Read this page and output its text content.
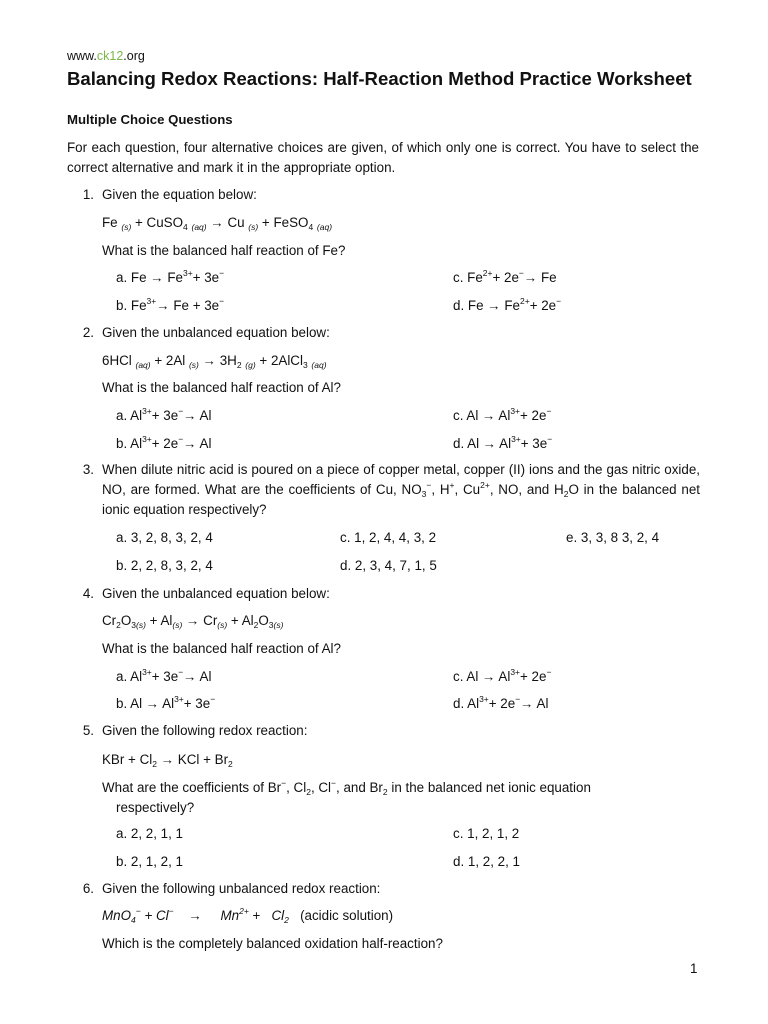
www.ck12.org
Balancing Redox Reactions: Half-Reaction Method Practice Worksheet
Multiple Choice Questions
For each question, four alternative choices are given, of which only one is correct. You have to select the correct alternative and mark it in the appropriate option.
1. Given the equation below:
Fe $_{(s)}$ + CuSO$_4$ $_{(aq)}$ → Cu $_{(s)}$ + FeSO$_4$ $_{(aq)}$
What is the balanced half reaction of Fe?
a. $Fe \to Fe^{3+}+ 3e^-$	c. $Fe^{2+}+ 2e^-\to Fe$
b. $Fe^{3+}\to Fe + 3e^-$	d. $Fe \to Fe^{2+}+ 2e^-$
2. Given the unbalanced equation below:
6HCl $_{(aq)}$ + 2Al $_{(s)} \to 3H_2$ $_{(g)}$ + 2AlCl$_3$ $_{(aq)}$
What is the balanced half reaction of Al?
a. $Al^{3+}+ 3e^-\to Al$	c. $Al \to Al^{3+}+ 2e^-$
b. $Al^{3+}+ 2e^-\to Al$	d. $Al \to Al^{3+}+ 3e^-$
3. When dilute nitric acid is poured on a piece of copper metal, copper (II) ions and the gas nitric oxide, NO, are formed. What are the coefficients of Cu, $NO_3^-$, H+, $Cu^{2+}$, NO, and $H_2O$ in the balanced net ionic equation respectively?
a. 3, 2, 8, 3, 2, 4	c. 1, 2, 4, 4, 3, 2	e. 3, 3, 8 3, 2, 4
b. 2, 2, 8, 3, 2, 4	d. 2, 3, 4, 7, 1, 5
4. Given the unbalanced equation below:
$Cr_2O_{3(s)} + Al_{(s)} \to Cr_{(s)} + Al_2O_{3(s)}$
What is the balanced half reaction of Al?
a. $Al^{3+}+ 3e^-\to Al$	c. $Al \to Al^{3+}+ 2e^-$
b. $Al \to Al^{3+}+ 3e^-$	d. $Al^{3+}+ 2e^-\to Al$
5. Given the following redox reaction:
KBr + $Cl_2$ → KCl + $Br_2$
What are the coefficients of Br−, $Cl_2$, Cl−, and $Br_2$ in the balanced net ionic equation
respectively?
a. 2, 2, 1, 1	c. 1, 2, 1, 2
b. 2, 1, 2, 1	d. 1, 2, 2, 1
6. Given the following unbalanced redox reaction:
MnO$_4$− + Cl−    →     $Mn^{2+} + Cl_2$ (acidic solution)
Which is the completely balanced oxidation half-reaction?
1
